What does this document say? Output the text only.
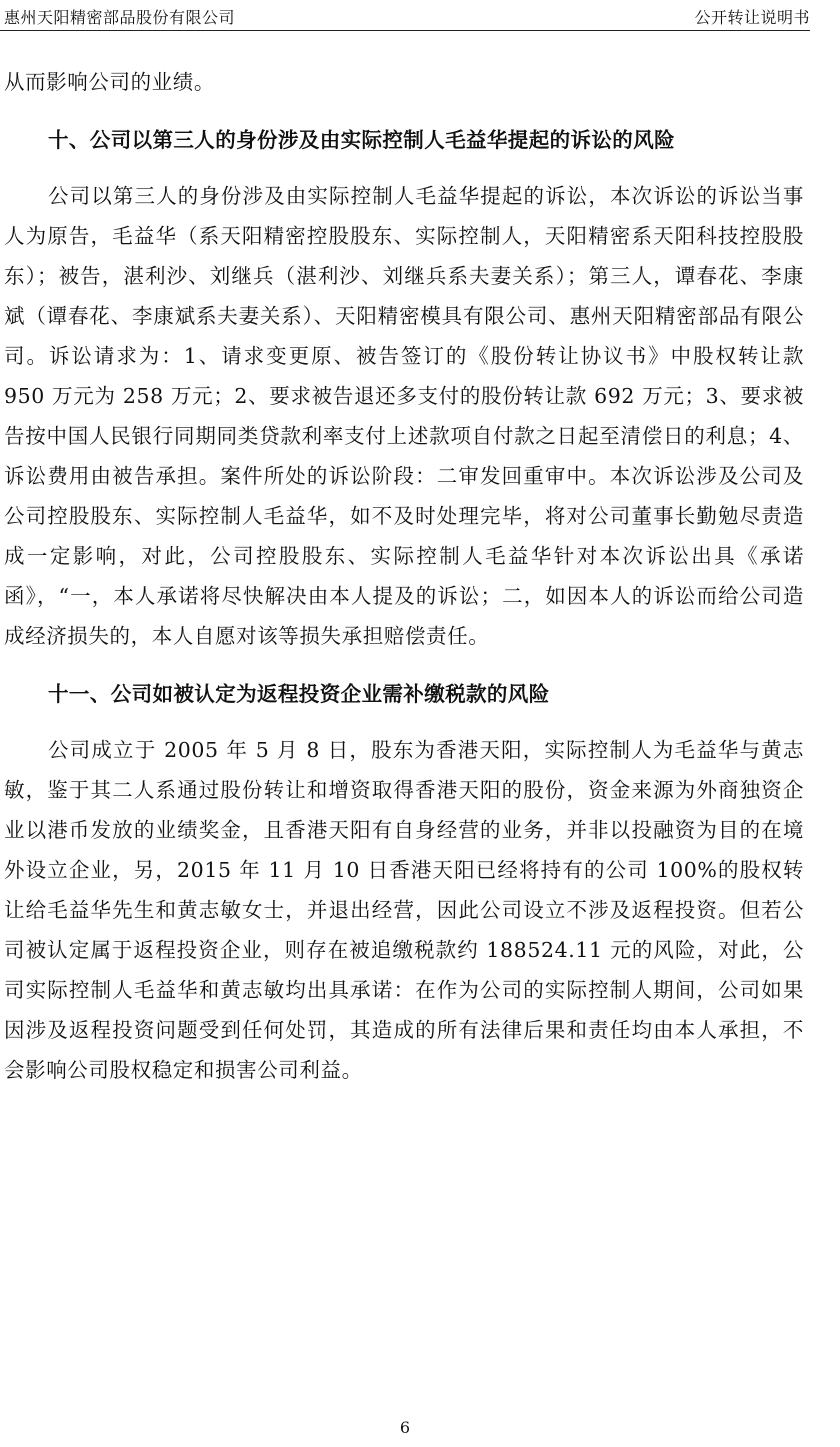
惠州天阳精密部品股份有限公司	公开转让说明书

从而影响公司的业绩。

十、公司以第三人的身份涉及由实际控制人毛益华提起的诉讼的风险

公司以第三人的身份涉及由实际控制人毛益华提起的诉讼，本次诉讼的诉讼当事人为原告，毛益华（系天阳精密控股股东、实际控制人，天阳精密系天阳科技控股股东）；被告，湛利沙、刘继兵（湛利沙、刘继兵系夫妻关系）；第三人，谭春花、李康斌（谭春花、李康斌系夫妻关系）、天阳精密模具有限公司、惠州天阳精密部品有限公司。诉讼请求为：1、请求变更原、被告签订的《股份转让协议书》中股权转让款 950 万元为 258 万元；2、要求被告退还多支付的股份转让款 692 万元；3、要求被告按中国人民银行同期同类贷款利率支付上述款项自付款之日起至清偿日的利息；4、诉讼费用由被告承担。案件所处的诉讼阶段：二审发回重审中。本次诉讼涉及公司及公司控股股东、实际控制人毛益华，如不及时处理完毕，将对公司董事长勤勉尽责造成一定影响，对此，公司控股股东、实际控制人毛益华针对本次诉讼出具《承诺函》，“一，本人承诺将尽快解决由本人提及的诉讼；二，如因本人的诉讼而给公司造成经济损失的，本人自愿对该等损失承担赔偿责任。

十一、公司如被认定为返程投资企业需补缴税款的风险

公司成立于 2005 年 5 月 8 日，股东为香港天阳，实际控制人为毛益华与黄志敏，鉴于其二人系通过股份转让和增资取得香港天阳的股份，资金来源为外商独资企业以港币发放的业绩奖金，且香港天阳有自身经营的业务，并非以投融资为目的在境外设立企业，另，2015 年 11 月 10 日香港天阳已经将持有的公司 100%的股权转让给毛益华先生和黄志敏女士，并退出经营，因此公司设立不涉及返程投资。但若公司被认定属于返程投资企业，则存在被追缴税款约 188524.11 元的风险，对此，公司实际控制人毛益华和黄志敏均出具承诺：在作为公司的实际控制人期间，公司如果因涉及返程投资问题受到任何处罚，其造成的所有法律后果和责任均由本人承担，不会影响公司股权稳定和损害公司利益。

6
